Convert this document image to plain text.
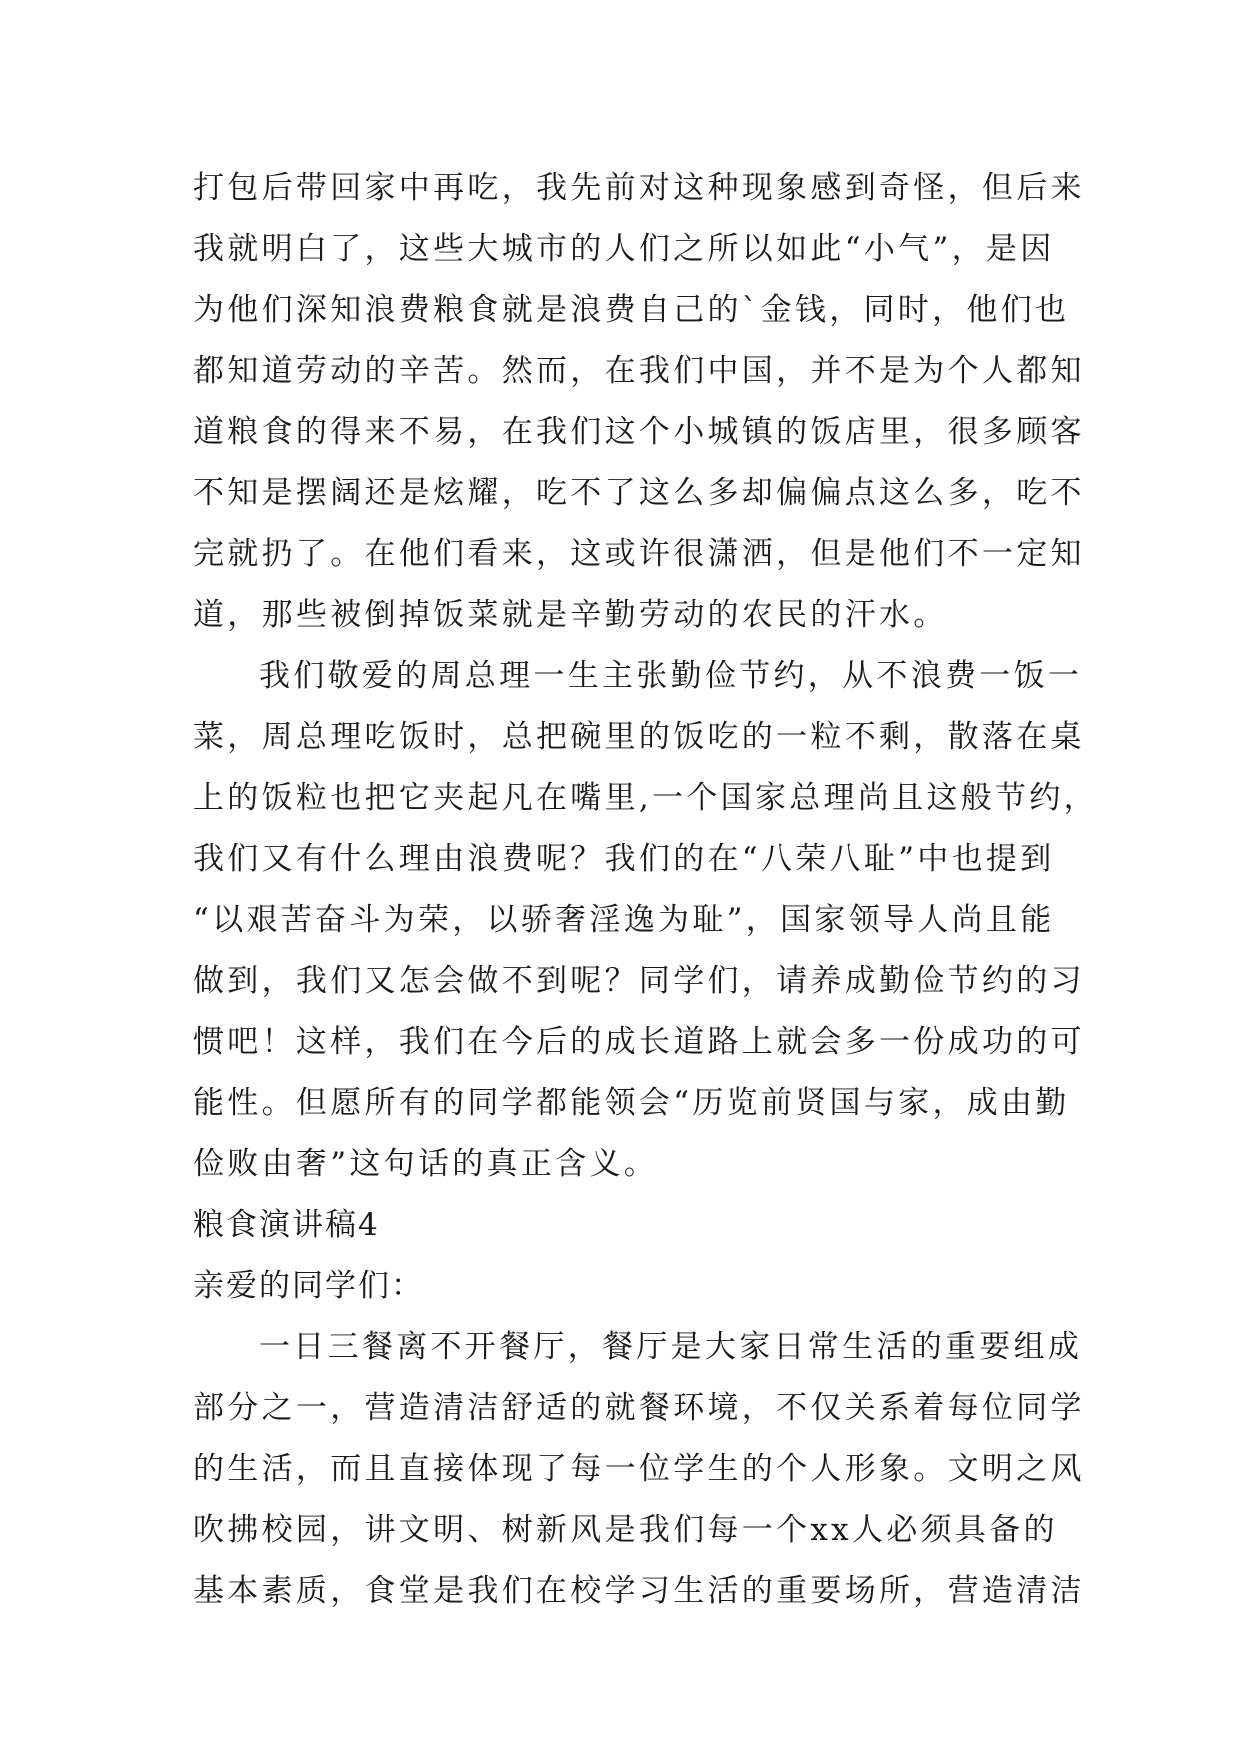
打包后带回家中再吃，我先前对这种现象感到奇怪，但后来
我就明白了，这些大城市的人们之所以如此“小气”，是因
为他们深知浪费粮食就是浪费自己的`金钱，同时，他们也
都知道劳动的辛苦。然而，在我们中国，并不是为个人都知
道粮食的得来不易，在我们这个小城镇的饭店里，很多顾客
不知是摆阔还是炫耀，吃不了这么多却偏偏点这么多，吃不
完就扔了。在他们看来，这或许很潇洒，但是他们不一定知
道，那些被倒掉饭菜就是辛勤劳动的农民的汗水。
我们敬爱的周总理一生主张勤俭节约，从不浪费一饭一
菜，周总理吃饭时，总把碗里的饭吃的一粒不剩，散落在桌
上的饭粒也把它夹起凡在嘴里,一个国家总理尚且这般节约，
我们又有什么理由浪费呢？我们的在“八荣八耻”中也提到
“以艰苦奋斗为荣，以骄奢淫逸为耻”，国家领导人尚且能
做到，我们又怎会做不到呢？同学们，请养成勤俭节约的习
惯吧！这样，我们在今后的成长道路上就会多一份成功的可
能性。但愿所有的同学都能领会“历览前贤国与家，成由勤
俭败由奢”这句话的真正含义。
粮食演讲稿4
亲爱的同学们：
一日三餐离不开餐厅，餐厅是大家日常生活的重要组成
部分之一，营造清洁舒适的就餐环境，不仅关系着每位同学
的生活，而且直接体现了每一位学生的个人形象。文明之风
吹拂校园，讲文明、树新风是我们每一个xx人必须具备的
基本素质，食堂是我们在校学习生活的重要场所，营造清洁
